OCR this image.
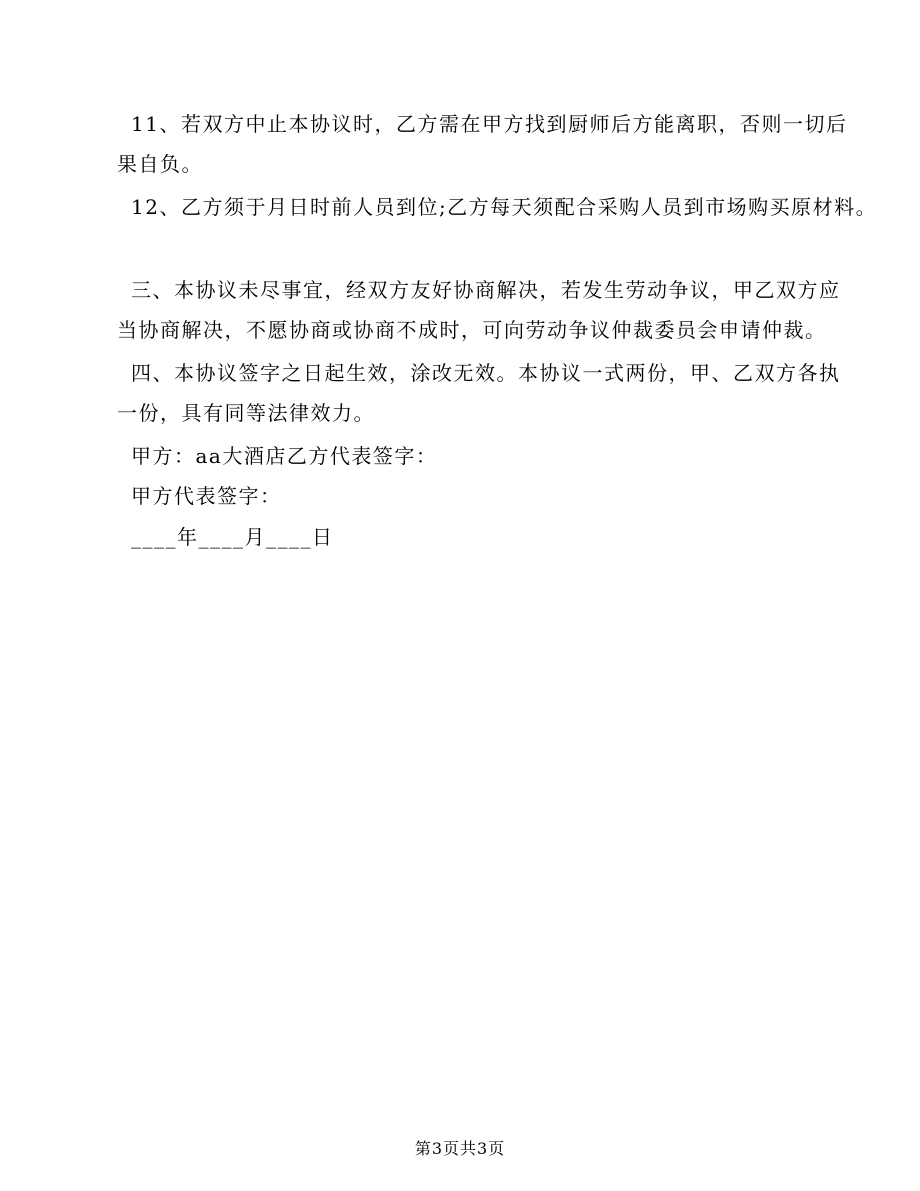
11、若双方中止本协议时，乙方需在甲方找到厨师后方能离职，否则一切后
果自负。
12、乙方须于月日时前人员到位;乙方每天须配合采购人员到市场购买原材料。
三、本协议未尽事宜，经双方友好协商解决，若发生劳动争议，甲乙双方应
当协商解决，不愿协商或协商不成时，可向劳动争议仲裁委员会申请仲裁。
四、本协议签字之日起生效，涂改无效。本协议一式两份，甲、乙双方各执
一份，具有同等法律效力。
甲方：aa大酒店乙方代表签字：
甲方代表签字：
____年____月____日
第3页共3页
